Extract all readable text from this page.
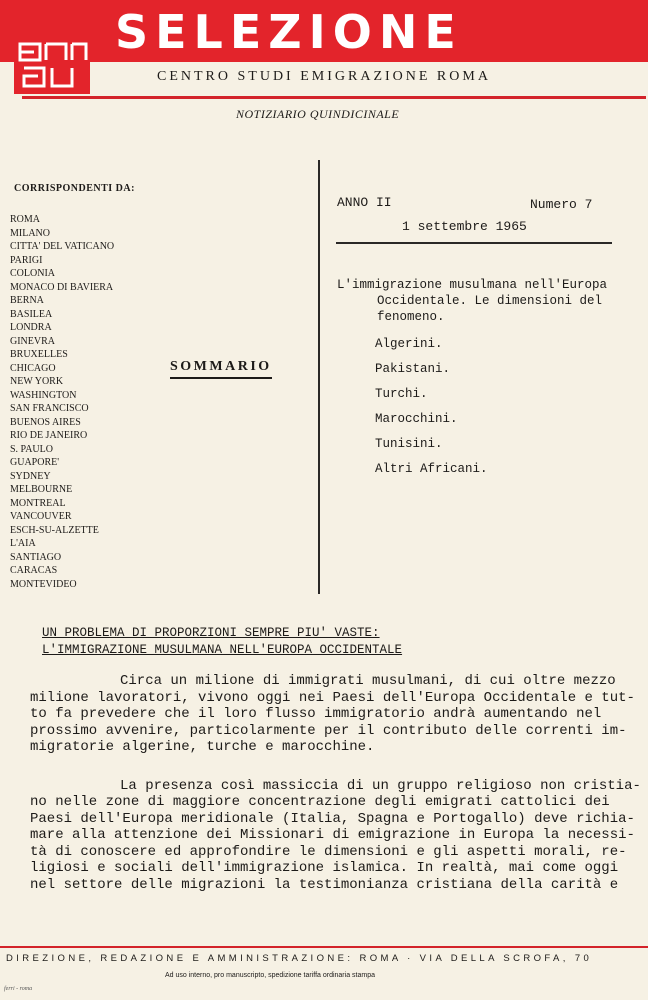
SELEZIONE
CENTRO STUDI EMIGRAZIONE ROMA
NOTIZIARIO QUINDICINALE
CORRISPONDENTI DA:
ROMA
MILANO
CITTA' DEL VATICANO
PARIGI
COLONIA
MONACO DI BAVIERA
BERNA
BASILEA
LONDRA
GINEVRA
BRUXELLES
CHICAGO
NEW YORK
WASHINGTON
SAN FRANCISCO
BUENOS AIRES
RIO DE JANEIRO
S. PAULO
GUAPORE'
SYDNEY
MELBOURNE
MONTREAL
VANCOUVER
ESCH-SU-ALZETTE
L'AIA
SANTIAGO
CARACAS
MONTEVIDEO
SOMMARIO
ANNO II	Numero 7
1 settembre 1965
L'immigrazione musulmana nell'Europa
Occidentale. Le dimensioni del
fenomeno.
Algerini.
Pakistani.
Turchi.
Marocchini.
Tunisini.
Altri Africani.
UN PROBLEMA DI PROPORZIONI SEMPRE PIU' VASTE:
L'IMMIGRAZIONE MUSULMANA NELL'EUROPA OCCIDENTALE
Circa un milione di immigrati musulmani, di cui oltre mezzo
milione lavoratori, vivono oggi nei Paesi dell'Europa Occidentale e tut-
to fa prevedere che il loro flusso immigratorio andrà aumentando nel
prossimo avvenire, particolarmente per il contributo delle correnti im-
migratorie algerine, turche e marocchine.
La presenza così massiccia di un gruppo religioso non cristia-
no nelle zone di maggiore concentrazione degli emigrati cattolici dei
Paesi dell'Europa meridionale (Italia, Spagna e Portogallo) deve richia-
mare alla attenzione dei Missionari di emigrazione in Europa la necessi-
tà di conoscere ed approfondire le dimensioni e gli aspetti morali, re-
ligiosi e sociali dell'immigrazione islamica. In realtà, mai come oggi
nel settore delle migrazioni la testimonianza cristiana della carità e
DIREZIONE, REDAZIONE E AMMINISTRAZIONE: ROMA · VIA DELLA SCROFA, 70
Ad uso interno, pro manuscripto, spedizione tariffa ordinaria stampa
ferri - roma
